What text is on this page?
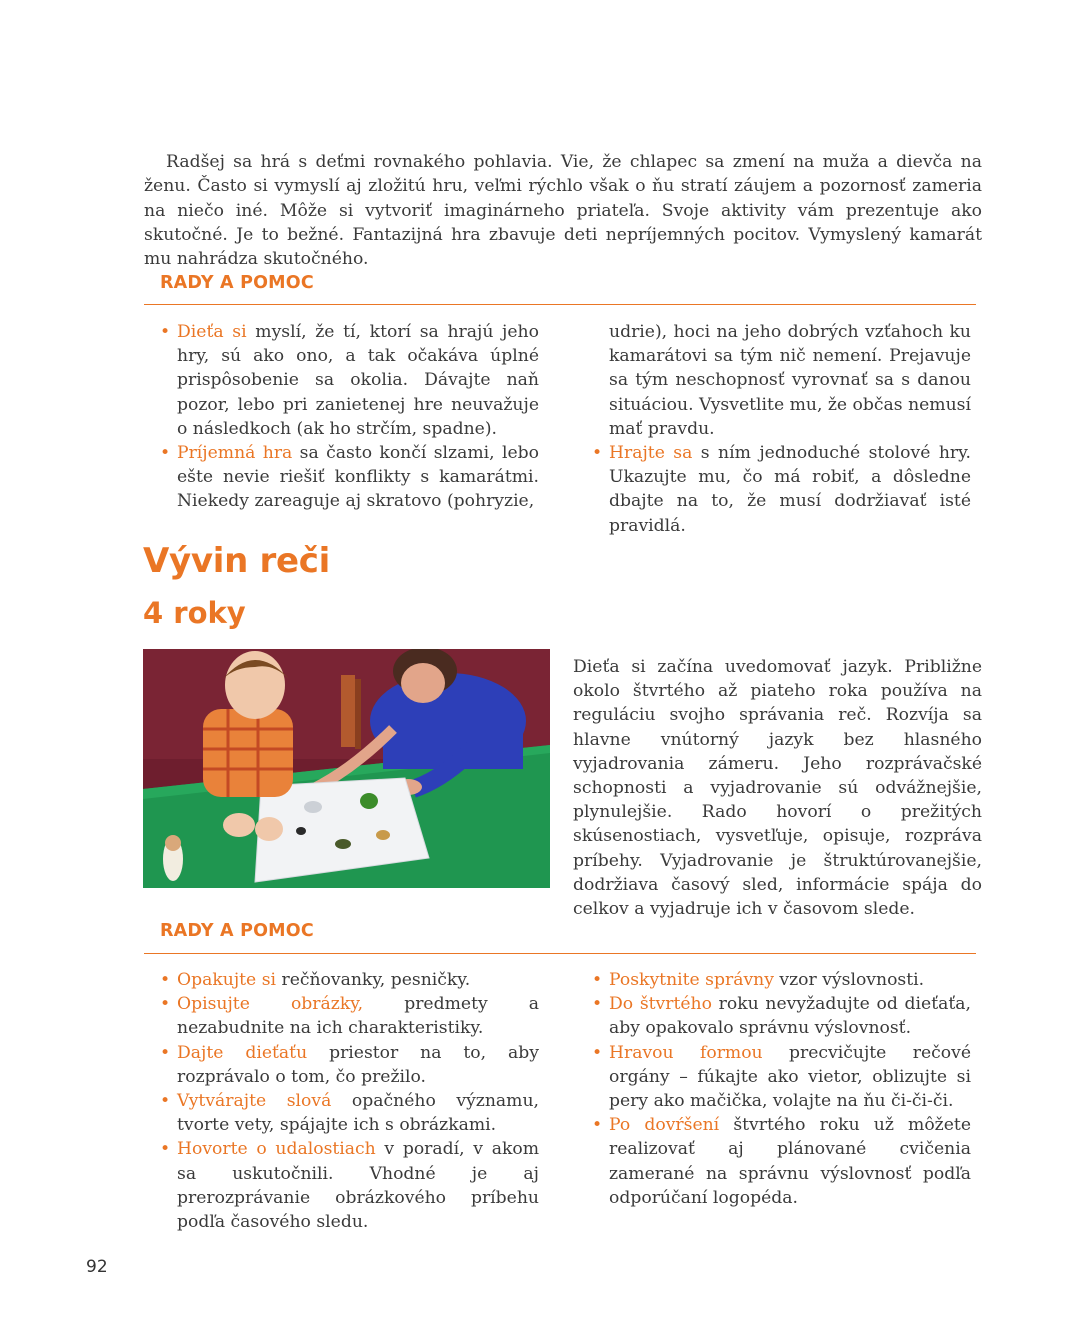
Radšej sa hrá s deťmi rovnakého pohlavia. Vie, že chlapec sa zmení na muža a dievča na ženu. Často si vymyslí aj zložitú hru, veľmi rýchlo však o ňu stratí záujem a pozornosť zameria na niečo iné. Môže si vytvoriť imaginárneho priateľa. Svoje aktivity vám prezentuje ako skutočné. Je to bežné. Fantazijná hra zbavuje deti nepríjemných pocitov. Vymyslený kamarát mu nahrádza skutočného.

RADY A POMOC
• Dieťa si myslí, že tí, ktorí sa hrajú jeho hry, sú ako ono, a tak očakáva úplné prispôsobenie sa okolia. Dávajte naň pozor, lebo pri zanietenej hre neuvažuje o následkoch (ak ho strčím, spadne).
• Príjemná hra sa často končí slzami, lebo ešte nevie riešiť konflikty s kamarátmi. Niekedy zareaguje aj skratovo (pohryzie,
udrie), hoci na jeho dobrých vzťahoch ku kamarátovi sa tým nič nemení. Prejavuje sa tým neschopnosť vyrovnať sa s danou situáciou. Vysvetlite mu, že občas nemusí mať pravdu.
• Hrajte sa s ním jednoduché stolové hry. Ukazujte mu, čo má robiť, a dôsledne dbajte na to, že musí dodržiavať isté pravidlá.
Vývin reči
4 roky

Dieťa si začína uvedomovať jazyk. Približne okolo štvrtého až piateho roka používa na reguláciu svojho správania reč. Rozvíja sa hlavne vnútorný jazyk bez hlasného vyjadrovania zámeru. Jeho rozprávačské schopnosti a vyjadrovanie sú odvážnejšie, plynulejšie. Rado hovorí o prežitých skúsenostiach, vysvetľuje, opisuje, rozpráva príbehy. Vyjadrovanie je štruktúrovanejšie, dodržiava časový sled, informácie spája do celkov a vyjadruje ich v časovom slede.

RADY A POMOC
• Opakujte si rečňovanky, pesničky.
• Opisujte obrázky, predmety a nezabudnite na ich charakteristiky.
• Dajte dieťaťu priestor na to, aby rozprávalo o tom, čo prežilo.
• Vytvárajte slová opačného významu, tvorte vety, spájajte ich s obrázkami.
• Hovorte o udalostiach v poradí, v akom sa uskutočnili. Vhodné je aj prerozprávanie obrázkového príbehu podľa časového sledu.
• Poskytnite správny vzor výslovnosti.
• Do štvrtého roku nevyžadujte od dieťaťa, aby opakovalo správnu výslovnosť.
• Hravou formou precvičujte rečové orgány – fúkajte ako vietor, oblizujte si pery ako mačička, volajte na ňu či-či-či.
• Po dovŕšení štvrtého roku už môžete realizovať aj plánované cvičenia zamerané na správnu výslovnosť podľa odporúčaní logopéda.
92
